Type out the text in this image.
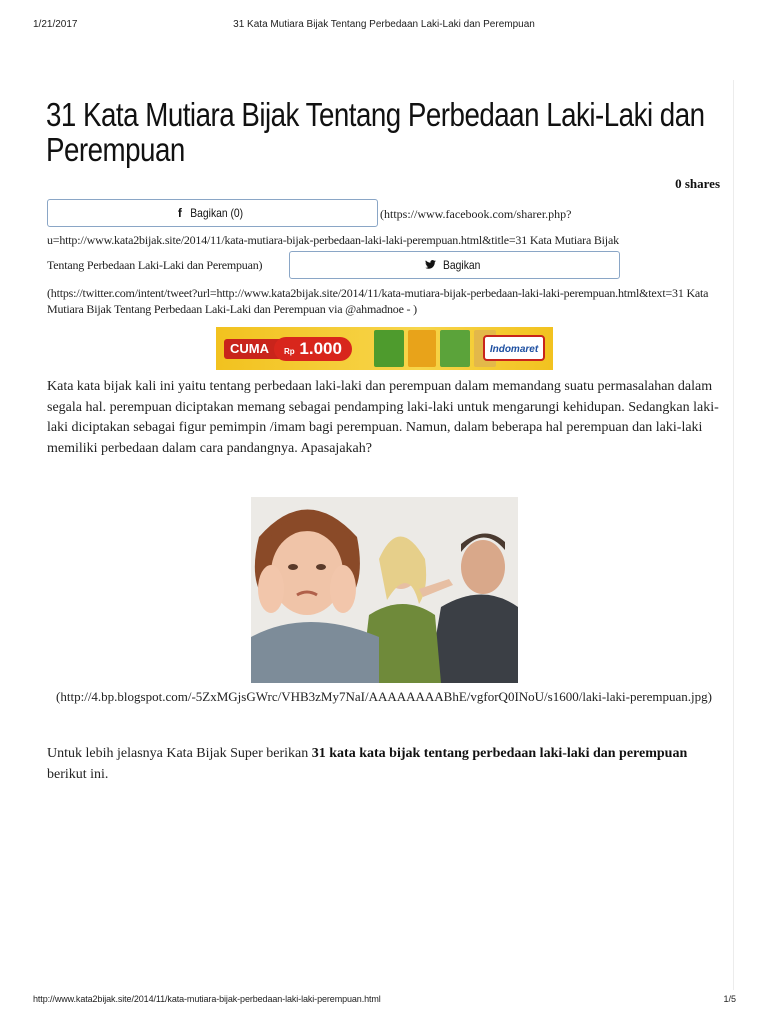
1/21/2017	31 Kata Mutiara Bijak Tentang Perbedaan Laki-Laki dan Perempuan
31 Kata Mutiara Bijak Tentang Perbedaan Laki-Laki dan Perempuan
0 shares
f Bagikan (0)	(https://www.facebook.com/sharer.php?
u=http://www.kata2bijak.site/2014/11/kata-mutiara-bijak-perbedaan-laki-laki-perempuan.html&title=31 Kata Mutiara Bijak
Tentang Perbedaan Laki-Laki dan Perempuan)	Bagikan
(https://twitter.com/intent/tweet?url=http://www.kata2bijak.site/2014/11/kata-mutiara-bijak-perbedaan-laki-laki-perempuan.html&text=31 Kata Mutiara Bijak Tentang Perbedaan Laki-Laki dan Perempuan via @ahmadnoe - )
CUMA	Rp 1.000	Indomaret

Kata kata bijak kali ini yaitu tentang perbedaan laki-laki dan perempuan dalam memandang suatu permasalahan dalam segala hal. perempuan diciptakan memang sebagai pendamping laki-laki untuk mengarungi kehidupan. Sedangkan laki-laki diciptakan sebagai figur pemimpin /imam bagi perempuan. Namun, dalam beberapa hal perempuan dan laki-laki memiliki perbedaan dalam cara pandangnya. Apasajakah?

(http://4.bp.blogspot.com/-5ZxMGjsGWrc/VHB3zMy7NaI/AAAAAAAABhE/vgforQ0INoU/s1600/laki-laki-perempuan.jpg)

Untuk lebih jelasnya Kata Bijak Super berikan 31 kata kata bijak tentang perbedaan laki-laki dan perempuan berikut ini.

http://www.kata2bijak.site/2014/11/kata-mutiara-bijak-perbedaan-laki-laki-perempuan.html	1/5
